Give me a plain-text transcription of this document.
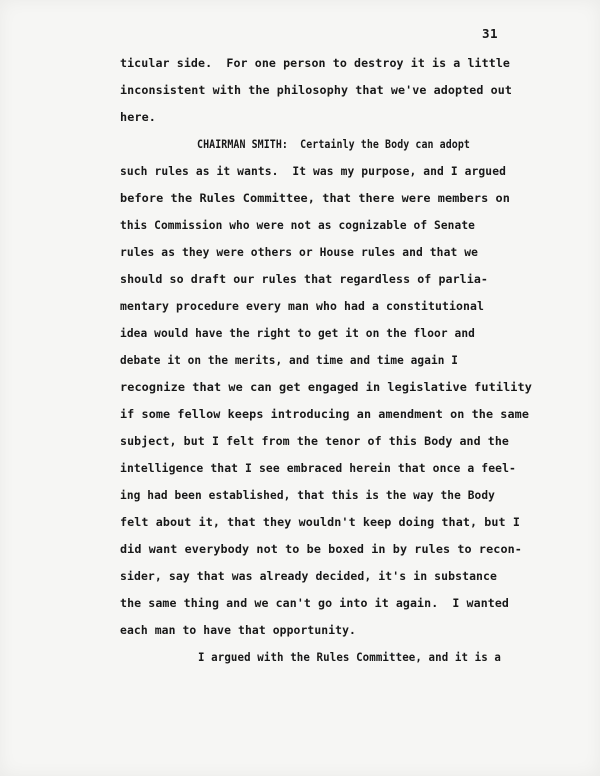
31
ticular side.  For one person to destroy it is a little
inconsistent with the philosophy that we've adopted out
here.
CHAIRMAN SMITH:  Certainly the Body can adopt
such rules as it wants.  It was my purpose, and I argued
before the Rules Committee, that there were members on
this Commission who were not as cognizable of Senate
rules as they were others or House rules and that we
should so draft our rules that regardless of parlia-
mentary procedure every man who had a constitutional
idea would have the right to get it on the floor and
debate it on the merits, and time and time again I
recognize that we can get engaged in legislative futility
if some fellow keeps introducing an amendment on the same
subject, but I felt from the tenor of this Body and the
intelligence that I see embraced herein that once a feel-
ing had been established, that this is the way the Body
felt about it, that they wouldn't keep doing that, but I
did want everybody not to be boxed in by rules to recon-
sider, say that was already decided, it's in substance
the same thing and we can't go into it again.  I wanted
each man to have that opportunity.
I argued with the Rules Committee, and it is a
